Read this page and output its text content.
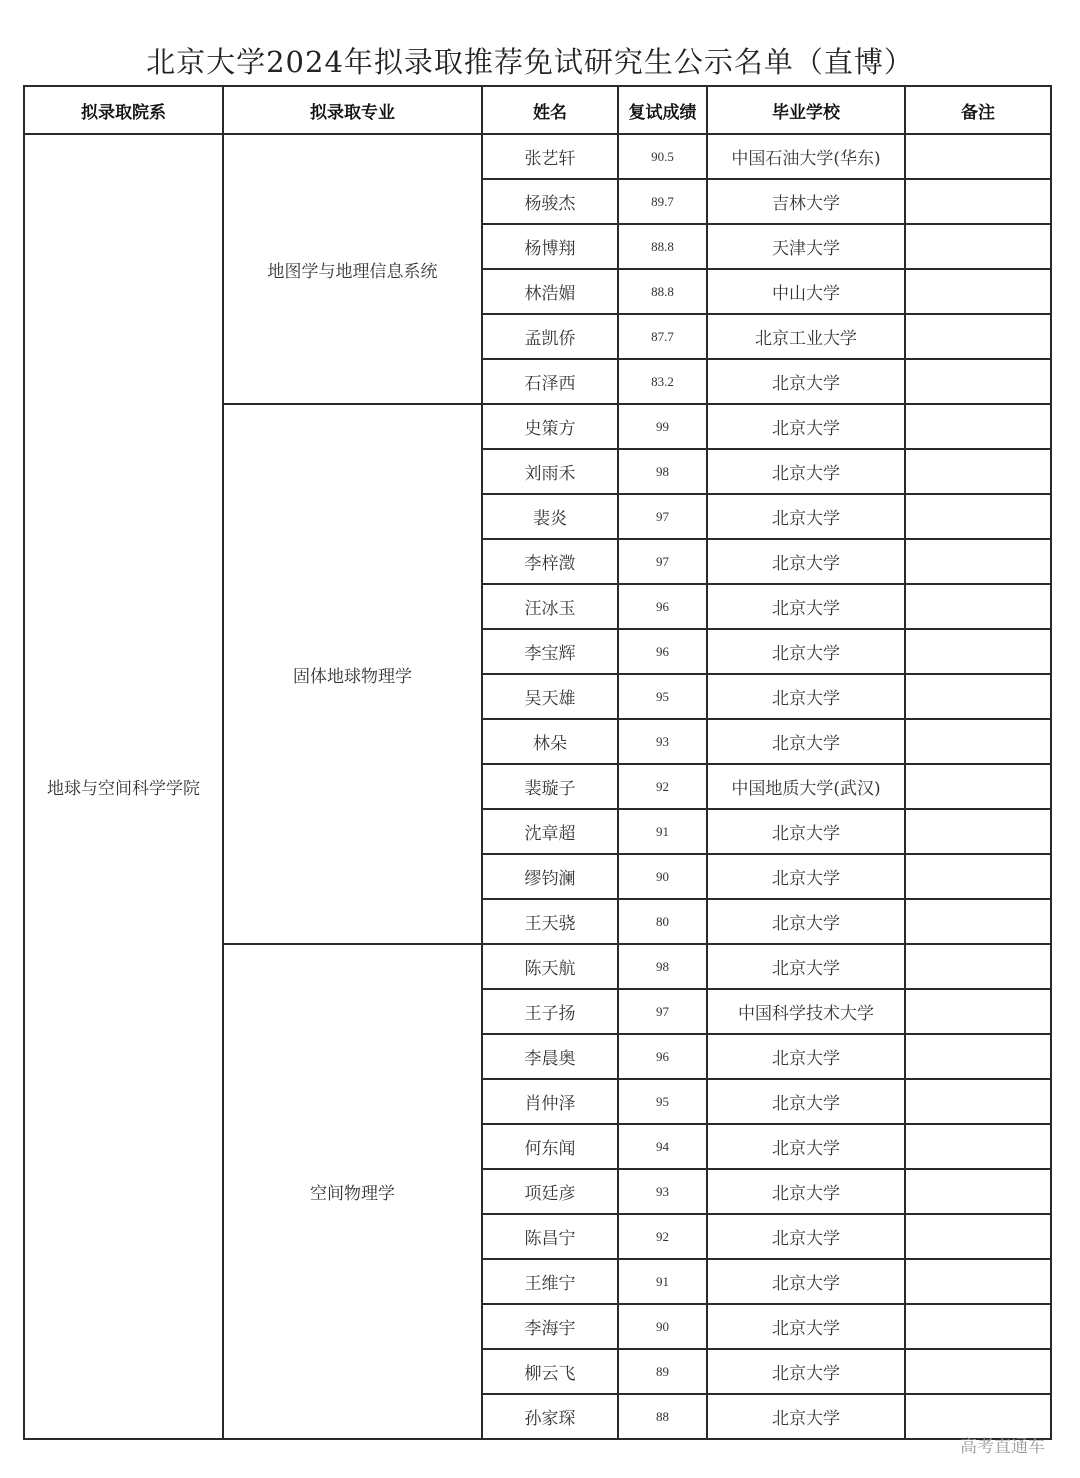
北京大学2024年拟录取推荐免试研究生公示名单（直博）
拟录取院系	拟录取专业	姓名	复试成绩	毕业学校	备注
地球与空间科学学院	地图学与地理信息系统	张艺轩	90.5	中国石油大学(华东)	
		杨骏杰	89.7	吉林大学	
		杨博翔	88.8	天津大学	
		林浩媚	88.8	中山大学	
		孟凯侨	87.7	北京工业大学	
		石泽西	83.2	北京大学	
	固体地球物理学	史策方	99	北京大学	
		刘雨禾	98	北京大学	
		裴炎	97	北京大学	
		李梓澂	97	北京大学	
		汪冰玉	96	北京大学	
		李宝辉	96	北京大学	
		吴天雄	95	北京大学	
		林朵	93	北京大学	
		裴璇子	92	中国地质大学(武汉)	
		沈章超	91	北京大学	
		缪钧澜	90	北京大学	
		王天骁	80	北京大学	
	空间物理学	陈天航	98	北京大学	
		王子扬	97	中国科学技术大学	
		李晨奥	96	北京大学	
		肖仲泽	95	北京大学	
		何东闻	94	北京大学	
		项廷彦	93	北京大学	
		陈昌宁	92	北京大学	
		王维宁	91	北京大学	
		李海宇	90	北京大学	
		柳云飞	89	北京大学	
		孙家琛	88	北京大学	
高考直通车
